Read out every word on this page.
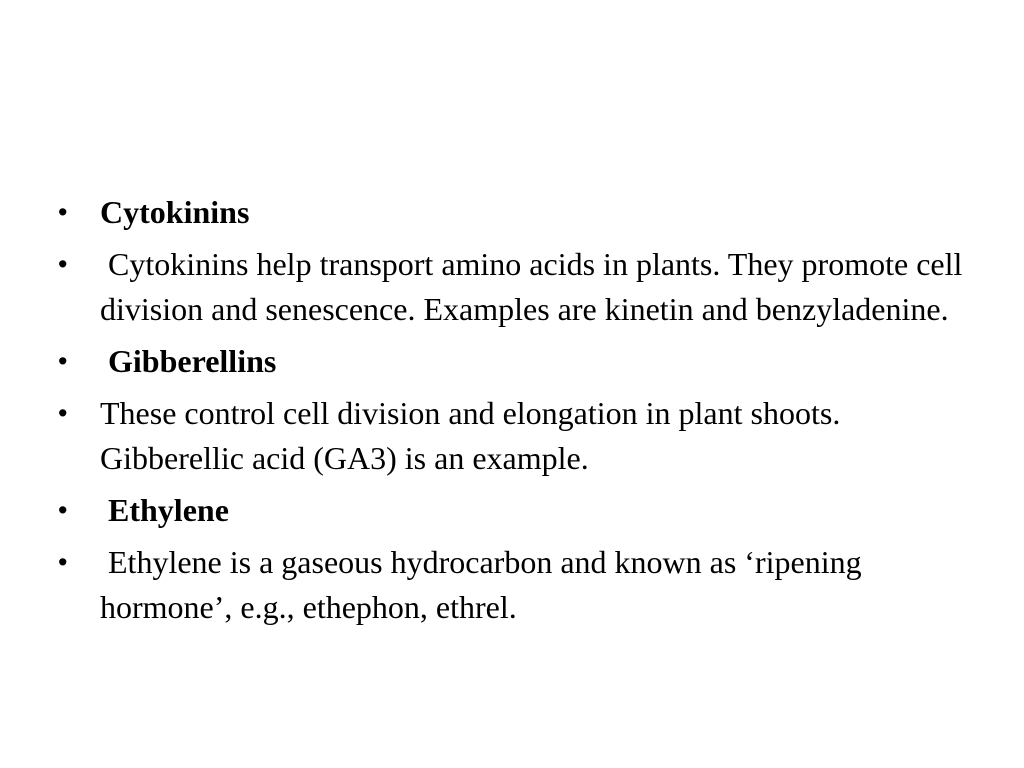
•	Cytokinins
•	Cytokinins help transport amino acids in plants. They promote cell division and senescence. Examples are kinetin and benzyladenine.
•	Gibberellins
•	These control cell division and elongation in plant shoots. Gibberellic acid (GA3) is an example.
•	Ethylene
•	Ethylene is a gaseous hydrocarbon and known as ‘ripening hormone’, e.g., ethephon, ethrel.
